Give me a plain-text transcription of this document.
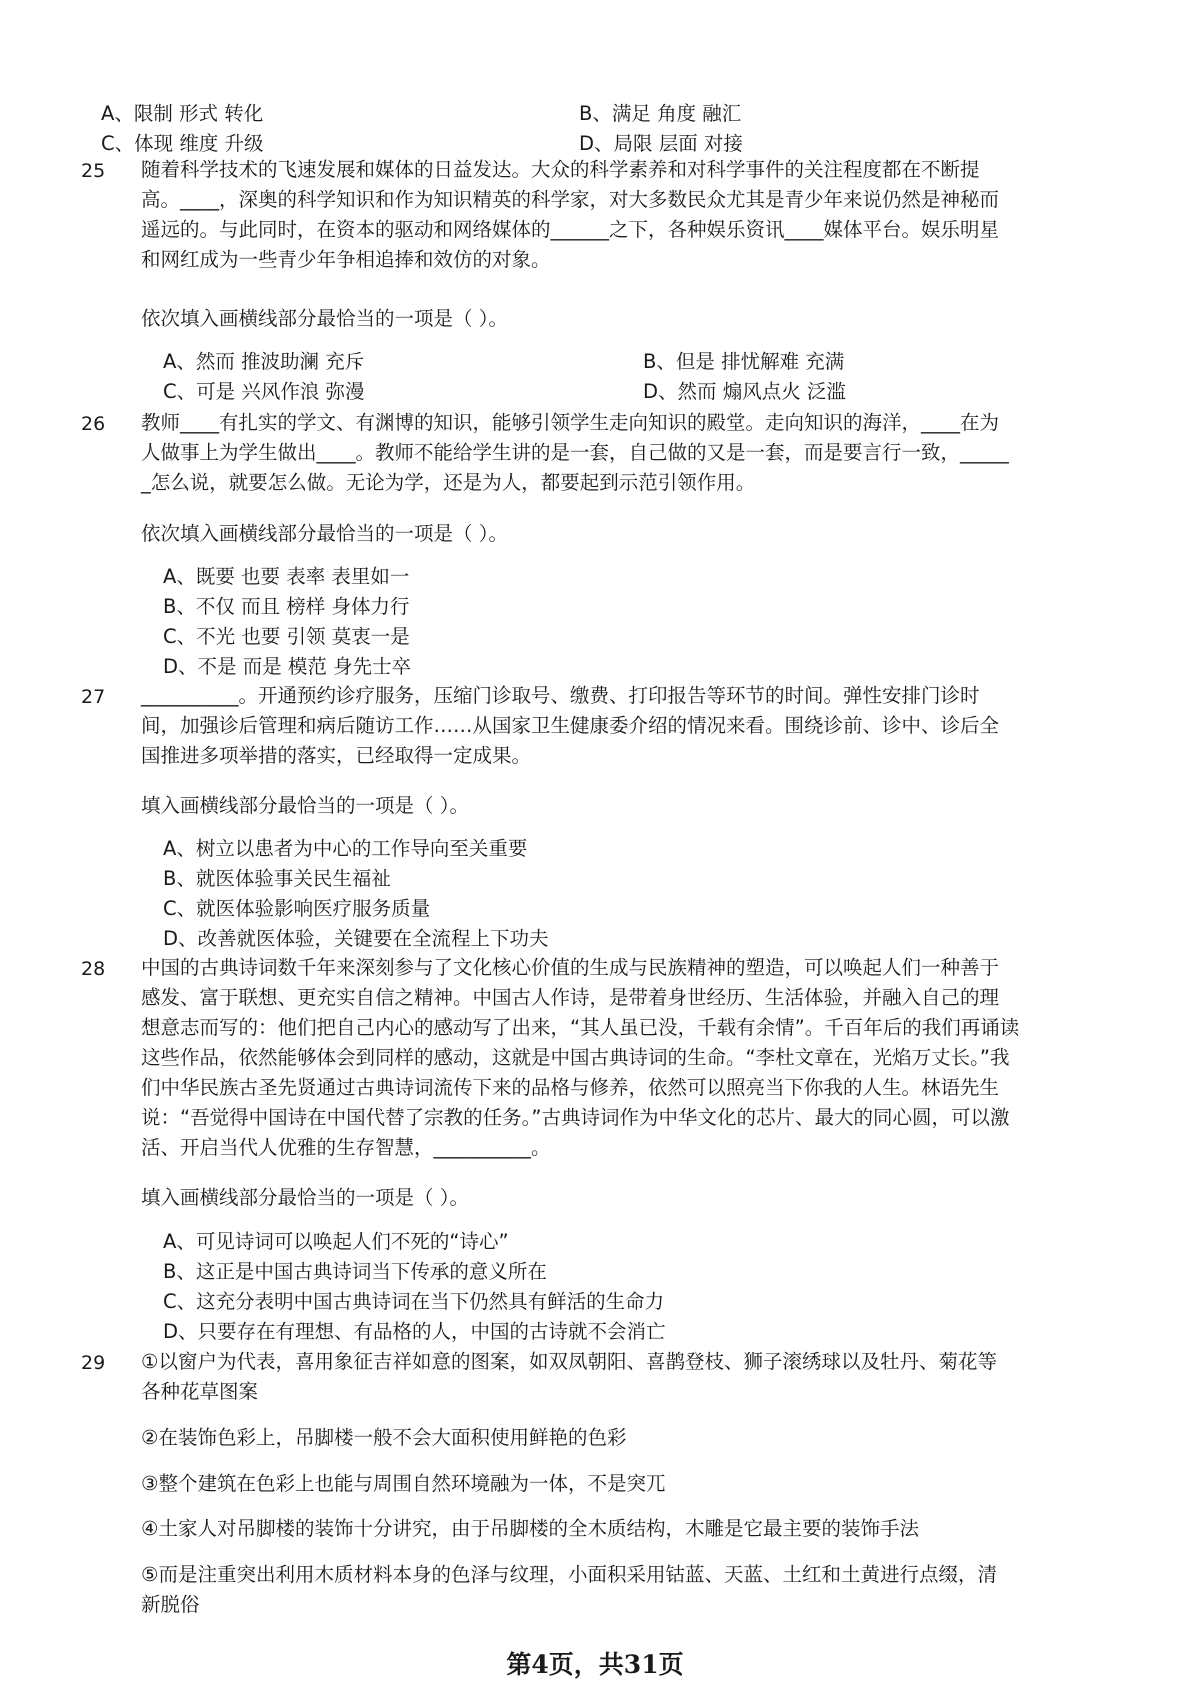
A、限制 形式 转化	B、满足 角度 融汇
C、体现 维度 升级	D、局限 层面 对接
25 随着科学技术的飞速发展和媒体的日益发达。大众的科学素养和对科学事件的关注程度都在不断提
高。____，深奥的科学知识和作为知识精英的科学家，对大多数民众尤其是青少年来说仍然是神秘而
遥远的。与此同时，在资本的驱动和网络媒体的______之下，各种娱乐资讯____媒体平台。娱乐明星
和网红成为一些青少年争相追捧和效仿的对象。
依次填入画横线部分最恰当的一项是（ ）。
A、然而 推波助澜 充斥	B、但是 排忧解难 充满
C、可是 兴风作浪 弥漫	D、然而 煽风点火 泛滥
26 教师____有扎实的学文、有渊博的知识，能够引领学生走向知识的殿堂。走向知识的海洋，____在为
人做事上为学生做出____。教师不能给学生讲的是一套，自己做的又是一套，而是要言行一致，_____
_怎么说，就要怎么做。无论为学，还是为人，都要起到示范引领作用。
依次填入画横线部分最恰当的一项是（ ）。
A、既要 也要 表率 表里如一
B、不仅 而且 榜样 身体力行
C、不光 也要 引领 莫衷一是
D、不是 而是 模范 身先士卒
27 __________。开通预约诊疗服务，压缩门诊取号、缴费、打印报告等环节的时间。弹性安排门诊时
间，加强诊后管理和病后随访工作……从国家卫生健康委介绍的情况来看。围绕诊前、诊中、诊后全
国推进多项举措的落实，已经取得一定成果。
填入画横线部分最恰当的一项是（ ）。
A、树立以患者为中心的工作导向至关重要
B、就医体验事关民生福祉
C、就医体验影响医疗服务质量
D、改善就医体验，关键要在全流程上下功夫
28 中国的古典诗词数千年来深刻参与了文化核心价值的生成与民族精神的塑造，可以唤起人们一种善于
感发、富于联想、更充实自信之精神。中国古人作诗，是带着身世经历、生活体验，并融入自己的理
想意志而写的：他们把自己内心的感动写了出来，“其人虽已没，千载有余情”。千百年后的我们再诵读
这些作品，依然能够体会到同样的感动，这就是中国古典诗词的生命。“李杜文章在，光焰万丈长。”我
们中华民族古圣先贤通过古典诗词流传下来的品格与修养，依然可以照亮当下你我的人生。林语先生
说：“吾觉得中国诗在中国代替了宗教的任务。”古典诗词作为中华文化的芯片、最大的同心圆，可以激
活、开启当代人优雅的生存智慧，__________。
填入画横线部分最恰当的一项是（ ）。
A、可见诗词可以唤起人们不死的“诗心”
B、这正是中国古典诗词当下传承的意义所在
C、这充分表明中国古典诗词在当下仍然具有鲜活的生命力
D、只要存在有理想、有品格的人，中国的古诗就不会消亡
29 ①以窗户为代表，喜用象征吉祥如意的图案，如双凤朝阳、喜鹊登枝、狮子滚绣球以及牡丹、菊花等
各种花草图案
②在装饰色彩上，吊脚楼一般不会大面积使用鲜艳的色彩
③整个建筑在色彩上也能与周围自然环境融为一体，不是突兀
④土家人对吊脚楼的装饰十分讲究，由于吊脚楼的全木质结构，木雕是它最主要的装饰手法
⑤而是注重突出利用木质材料本身的色泽与纹理，小面积采用钴蓝、天蓝、土红和土黄进行点缀，清
新脱俗
第4页，共31页
